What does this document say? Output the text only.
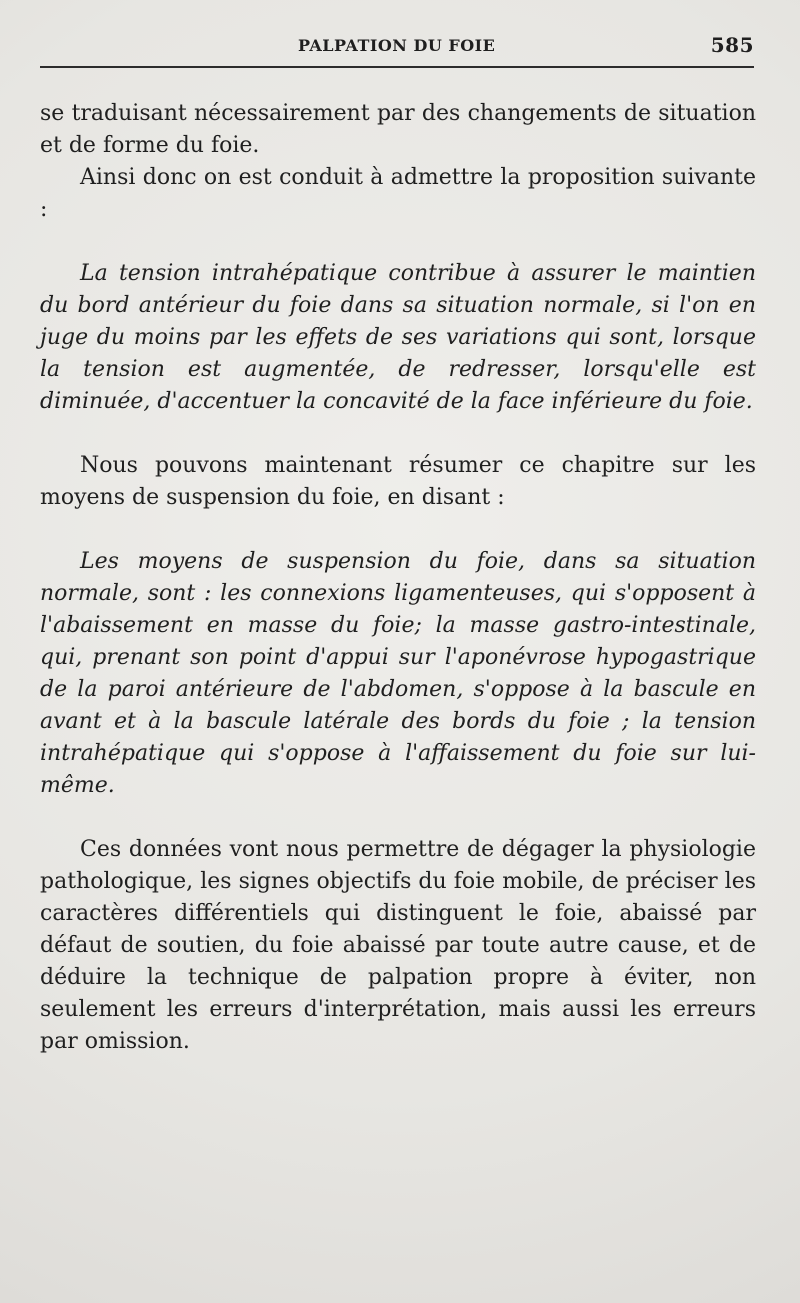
PALPATION DU FOIE	585

se traduisant nécessairement par des changements de situation et de forme du foie.

Ainsi donc on est conduit à admettre la proposition suivante :

La tension intrahépatique contribue à assurer le maintien du bord antérieur du foie dans sa situation normale, si l'on en juge du moins par les effets de ses variations qui sont, lorsque la tension est augmentée, de redresser, lorsqu'elle est diminuée, d'accentuer la concavité de la face inférieure du foie.

Nous pouvons maintenant résumer ce chapitre sur les moyens de suspension du foie, en disant :

Les moyens de suspension du foie, dans sa situation normale, sont : les connexions ligamenteuses, qui s'opposent à l'abaissement en masse du foie; la masse gastro-intestinale, qui, prenant son point d'appui sur l'aponévrose hypogastrique de la paroi antérieure de l'abdomen, s'oppose à la bascule en avant et à la bascule latérale des bords du foie ; la tension intrahépatique qui s'oppose à l'affaissement du foie sur lui-même.

Ces données vont nous permettre de dégager la physiologie pathologique, les signes objectifs du foie mobile, de préciser les caractères différentiels qui distinguent le foie, abaissé par défaut de soutien, du foie abaissé par toute autre cause, et de déduire la technique de palpation propre à éviter, non seulement les erreurs d'interprétation, mais aussi les erreurs par omission.
